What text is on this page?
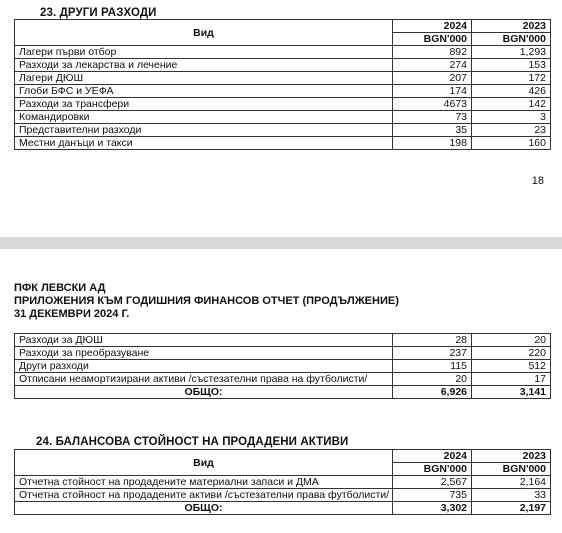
23. ДРУГИ РАЗХОДИ
Вид	2024	2023
	BGN'000	BGN'000
Лагери първи отбор	892	1,293
Разходи за лекарства и лечение	274	153
Лагери ДЮШ	207	172
Глоби БФС и УЕФА	174	426
Разходи за трансфери	4673	142
Командировки	73	3
Представителни разходи	35	23
Местни данъци и такси	198	160
18
ПФК ЛЕВСКИ АД
ПРИЛОЖЕНИЯ КЪМ ГОДИШНИЯ ФИНАНСОВ ОТЧЕТ (ПРОДЪЛЖЕНИЕ)
31 ДЕКЕМВРИ 2024 Г.
Разходи за ДЮШ	28	20
Разходи за преобразуване	237	220
Други разходи	115	512
Отписани неамортизирани активи /състезателни права на футболисти/	20	17
ОБЩО:	6,926	3,141
24. БАЛАНСОВА СТОЙНОСТ НА ПРОДАДЕНИ АКТИВИ
Вид	2024	2023
	BGN'000	BGN'000
Отчетна стойност на продадените материални запаси и ДМА	2,567	2,164
Отчетна стойност на продадените активи /състезателни права футболисти/	735	33
ОБЩО:	3,302	2,197
